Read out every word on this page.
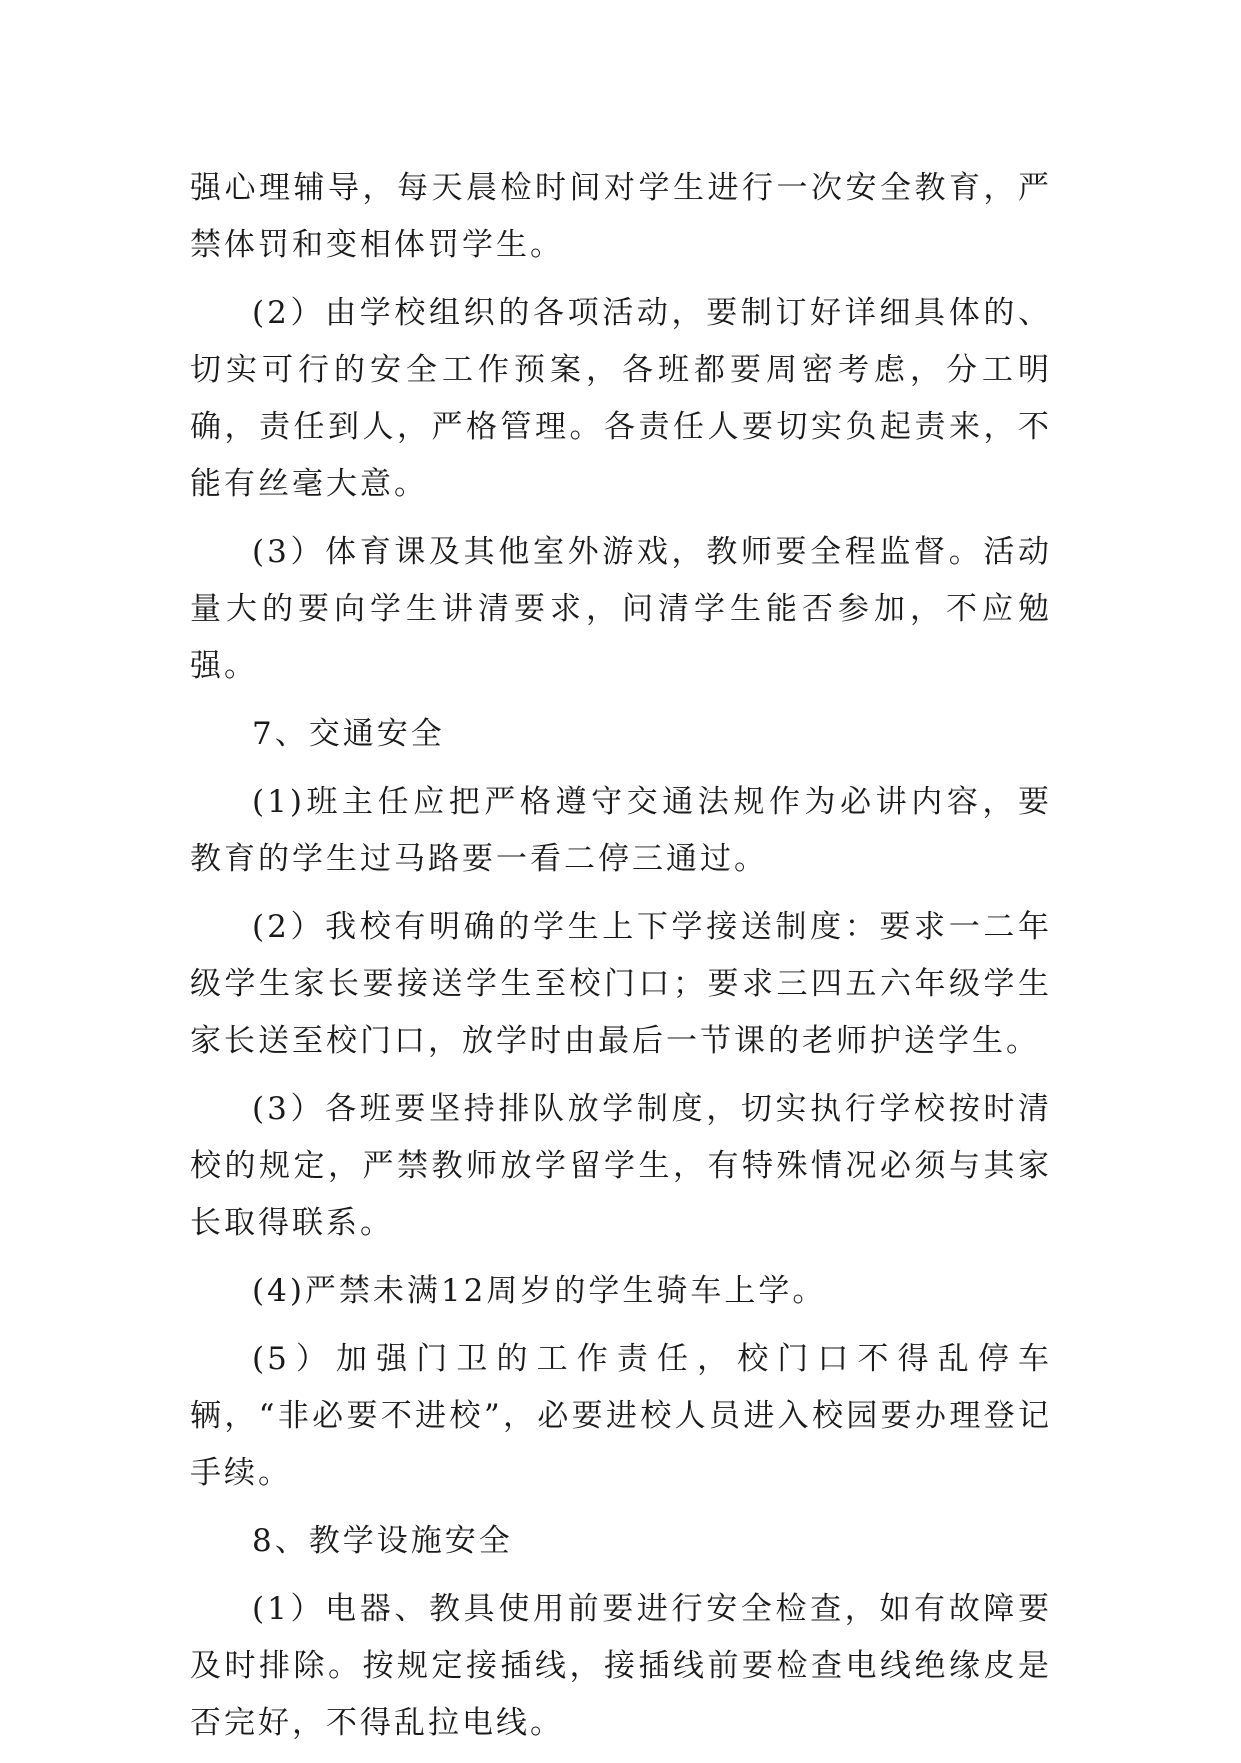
强心理辅导，每天晨检时间对学生进行一次安全教育，严禁体罚和变相体罚学生。

(2）由学校组织的各项活动，要制订好详细具体的、切实可行的安全工作预案，各班都要周密考虑，分工明确，责任到人，严格管理。各责任人要切实负起责来，不能有丝毫大意。

(3）体育课及其他室外游戏，教师要全程监督。活动量大的要向学生讲清要求，问清学生能否参加，不应勉强。

7、交通安全

(1)班主任应把严格遵守交通法规作为必讲内容，要教育的学生过马路要一看二停三通过。

(2）我校有明确的学生上下学接送制度：要求一二年级学生家长要接送学生至校门口；要求三四五六年级学生家长送至校门口，放学时由最后一节课的老师护送学生。

(3）各班要坚持排队放学制度，切实执行学校按时清校的规定，严禁教师放学留学生，有特殊情况必须与其家长取得联系。

(4)严禁未满12周岁的学生骑车上学。

(5）加强门卫的工作责任，校门口不得乱停车辆，“非必要不进校”，必要进校人员进入校园要办理登记手续。

8、教学设施安全

(1）电器、教具使用前要进行安全检查，如有故障要及时排除。按规定接插线，接插线前要检查电线绝缘皮是否完好，不得乱拉电线。
